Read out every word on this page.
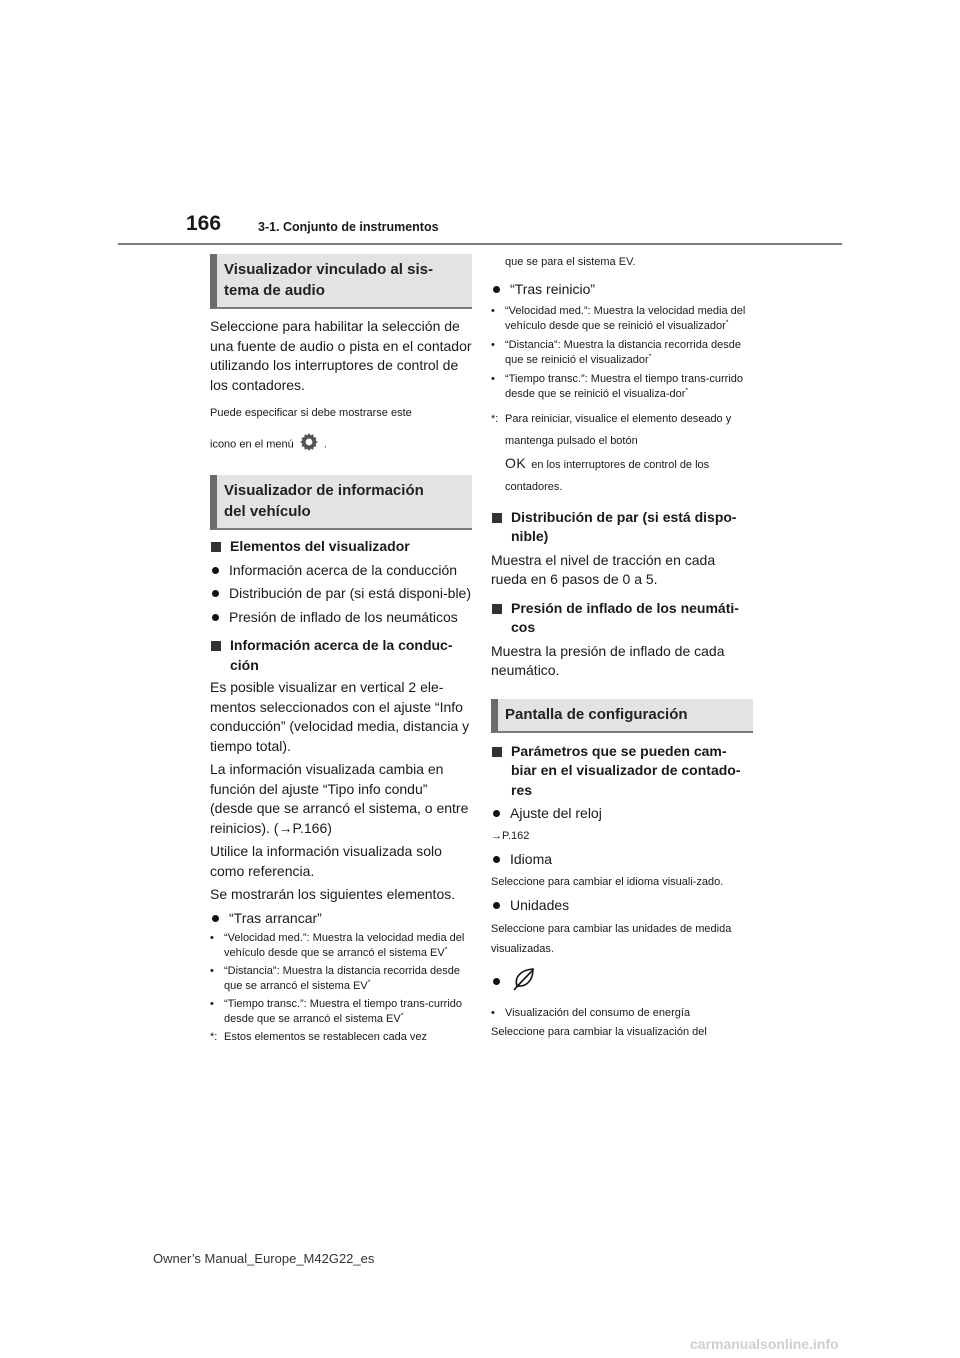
166	3-1. Conjunto de instrumentos
Visualizador vinculado al sis-
tema de audio

Seleccione para habilitar la selección de una fuente de audio o pista en el contador utilizando los interruptores de control de los contadores.

Puede especificar si debe mostrarse este

icono en el menú	.

Visualizador de información
del vehículo
Elementos del visualizador
Información acerca de la conducción
Distribución de par (si está disponi-ble)
Presión de inflado de los neumáticos
Información acerca de la conduc-
ción

Es posible visualizar en vertical 2 ele-mentos seleccionados con el ajuste “Info conducción” (velocidad media, distancia y tiempo total).

La información visualizada cambia en función del ajuste “Tipo info condu” (desde que se arrancó el sistema, o entre reinicios). (→P.166)

Utilice la información visualizada solo como referencia.

Se mostrarán los siguientes elementos.

“Tras arrancar”
• “Velocidad med.”: Muestra la velocidad media del vehículo desde que se arrancó el sistema EV*
• “Distancia”: Muestra la distancia recorrida desde que se arrancó el sistema EV*
• “Tiempo transc.”: Muestra el tiempo trans-currido desde que se arrancó el sistema EV*
*: Estos elementos se restablecen cada vez

que se para el sistema EV.

“Tras reinicio”
• “Velocidad med.”: Muestra la velocidad media del vehículo desde que se reinició el visualizador*
• “Distancia”: Muestra la distancia recorrida desde que se reinició el visualizador*
• “Tiempo transc.”: Muestra el tiempo trans-currido desde que se reinició el visualiza-dor*
*: Para reiniciar, visualice el elemento deseado y mantenga pulsado el botón
OK en los interruptores de control de los contadores.
Distribución de par (si está dispo-
nible)

Muestra el nivel de tracción en cada rueda en 6 pasos de 0 a 5.

Presión de inflado de los neumáti-
cos

Muestra la presión de inflado de cada neumático.

Pantalla de configuración
Parámetros que se pueden cam-
biar en el visualizador de contado-
res
Ajuste del reloj

→P.162

Idioma

Seleccione para cambiar el idioma visuali-zado.

Unidades

Seleccione para cambiar las unidades de medida visualizadas.

• Visualización del consumo de energía

Seleccione para cambiar la visualización del

Owner’s Manual_Europe_M42G22_es
carmanualsonline.info
